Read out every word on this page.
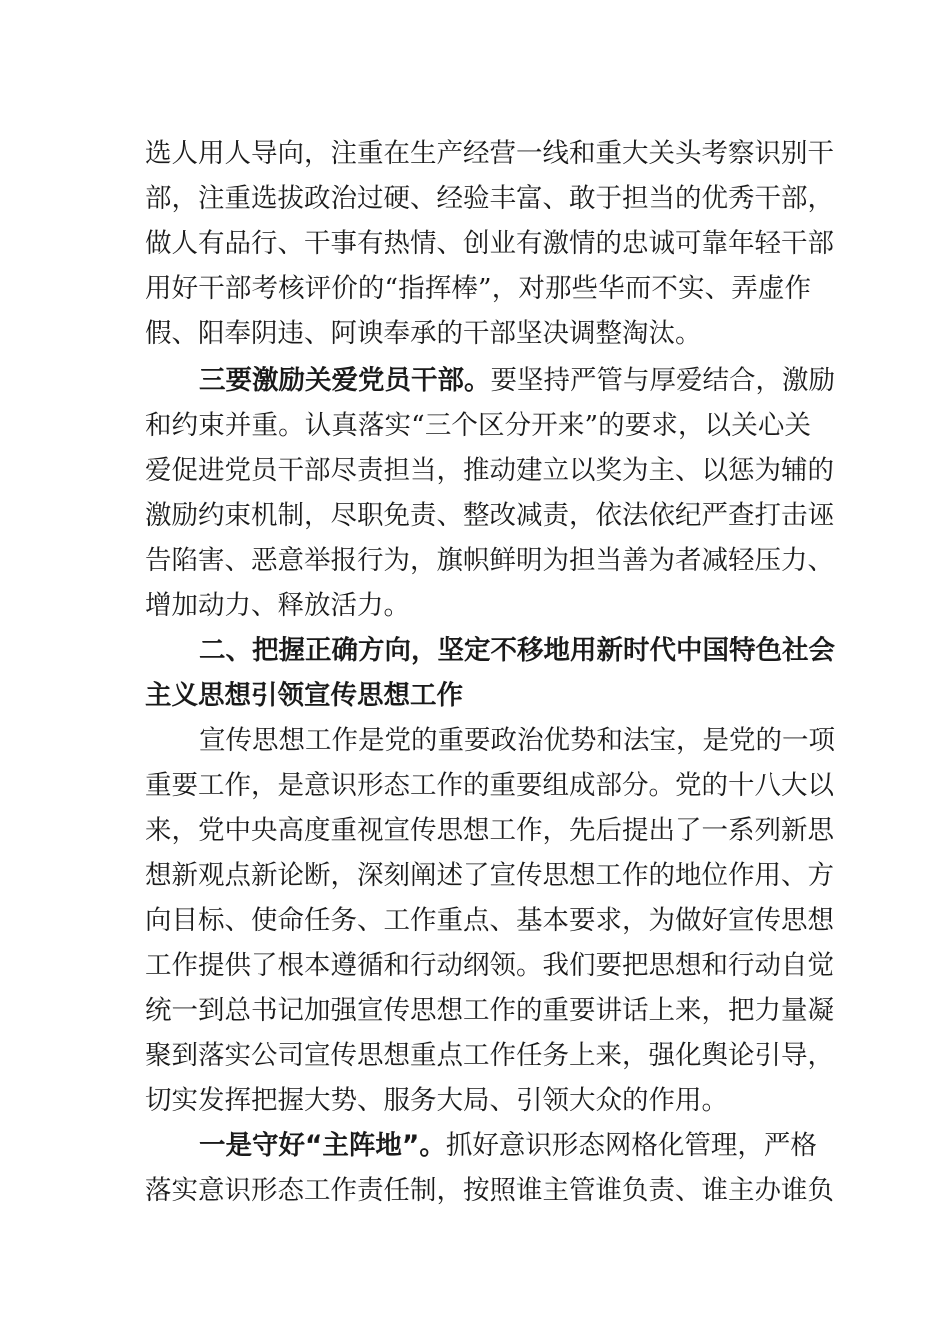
选人用人导向，注重在生产经营一线和重大关头考察识别干
部，注重选拔政治过硬、经验丰富、敢于担当的优秀干部，
做人有品行、干事有热情、创业有激情的忠诚可靠年轻干部
用好干部考核评价的“指挥棒”，对那些华而不实、弄虚作
假、阳奉阴违、阿谀奉承的干部坚决调整淘汰。
三要激励关爱党员干部。要坚持严管与厚爱结合，激励
和约束并重。认真落实“三个区分开来”的要求，以关心关
爱促进党员干部尽责担当，推动建立以奖为主、以惩为辅的
激励约束机制，尽职免责、整改减责，依法依纪严查打击诬
告陷害、恶意举报行为，旗帜鲜明为担当善为者减轻压力、
增加动力、释放活力。
二、把握正确方向，坚定不移地用新时代中国特色社会
主义思想引领宣传思想工作
宣传思想工作是党的重要政治优势和法宝，是党的一项
重要工作，是意识形态工作的重要组成部分。党的十八大以
来，党中央高度重视宣传思想工作，先后提出了一系列新思
想新观点新论断，深刻阐述了宣传思想工作的地位作用、方
向目标、使命任务、工作重点、基本要求，为做好宣传思想
工作提供了根本遵循和行动纲领。我们要把思想和行动自觉
统一到总书记加强宣传思想工作的重要讲话上来，把力量凝
聚到落实公司宣传思想重点工作任务上来，强化舆论引导，
切实发挥把握大势、服务大局、引领大众的作用。
一是守好“主阵地”。抓好意识形态网格化管理，严格
落实意识形态工作责任制，按照谁主管谁负责、谁主办谁负
